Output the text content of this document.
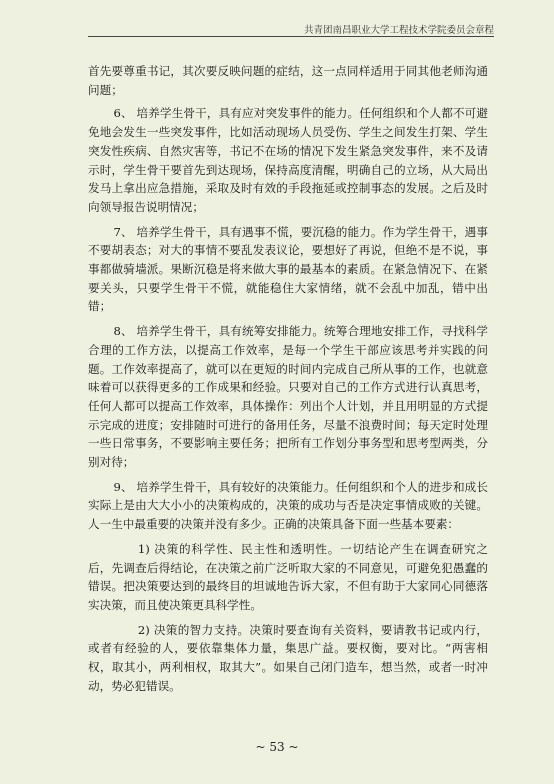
共青团南昌职业大学工程技术学院委员会章程

首先要尊重书记，其次要反映问题的症结，这一点同样适用于同其他老师沟通问题；

6、 培养学生骨干，具有应对突发事件的能力。任何组织和个人都不可避免地会发生一些突发事件，比如活动现场人员受伤、学生之间发生打架、学生突发性疾病、自然灾害等，书记不在场的情况下发生紧急突发事件，来不及请示时，学生骨干要首先到达现场，保持高度清醒，明确自己的立场，从大局出发马上拿出应急措施，采取及时有效的手段拖延或控制事态的发展。之后及时向领导报告说明情况；

7、 培养学生骨干，具有遇事不慌，要沉稳的能力。作为学生骨干，遇事不要胡表态；对大的事情不要乱发表议论，要想好了再说，但绝不是不说，事事都做骑墙派。果断沉稳是将来做大事的最基本的素质。在紧急情况下、在紧要关头，只要学生骨干不慌，就能稳住大家情绪，就不会乱中加乱，错中出错；

8、 培养学生骨干，具有统筹安排能力。统筹合理地安排工作，寻找科学合理的工作方法，以提高工作效率，是每一个学生干部应该思考并实践的问题。工作效率提高了，就可以在更短的时间内完成自己所从事的工作，也就意味着可以获得更多的工作成果和经验。只要对自己的工作方式进行认真思考，任何人都可以提高工作效率，具体操作：列出个人计划，并且用明显的方式提示完成的进度；安排随时可进行的备用任务，尽量不浪费时间；每天定时处理一些日常事务，不要影响主要任务；把所有工作划分事务型和思考型两类，分别对待；

9、 培养学生骨干，具有较好的决策能力。任何组织和个人的进步和成长实际上是由大大小小的决策构成的，决策的成功与否是决定事情成败的关键。人一生中最重要的决策并没有多少。正确的决策具备下面一些基本要素：

1) 决策的科学性、民主性和透明性。一切结论产生在调查研究之后，先调查后得结论，在决策之前广泛听取大家的不同意见，可避免犯愚蠢的错误。把决策要达到的最终目的坦诚地告诉大家，不但有助于大家同心同德落实决策，而且使决策更具科学性。

2) 决策的智力支持。决策时要查询有关资料，要请教书记或内行，或者有经验的人，要依靠集体力量，集思广益。要权衡，要对比。“两害相权，取其小，两利相权，取其大”。如果自己闭门造车，想当然，或者一时冲动，势必犯错误。

~ 53 ~
